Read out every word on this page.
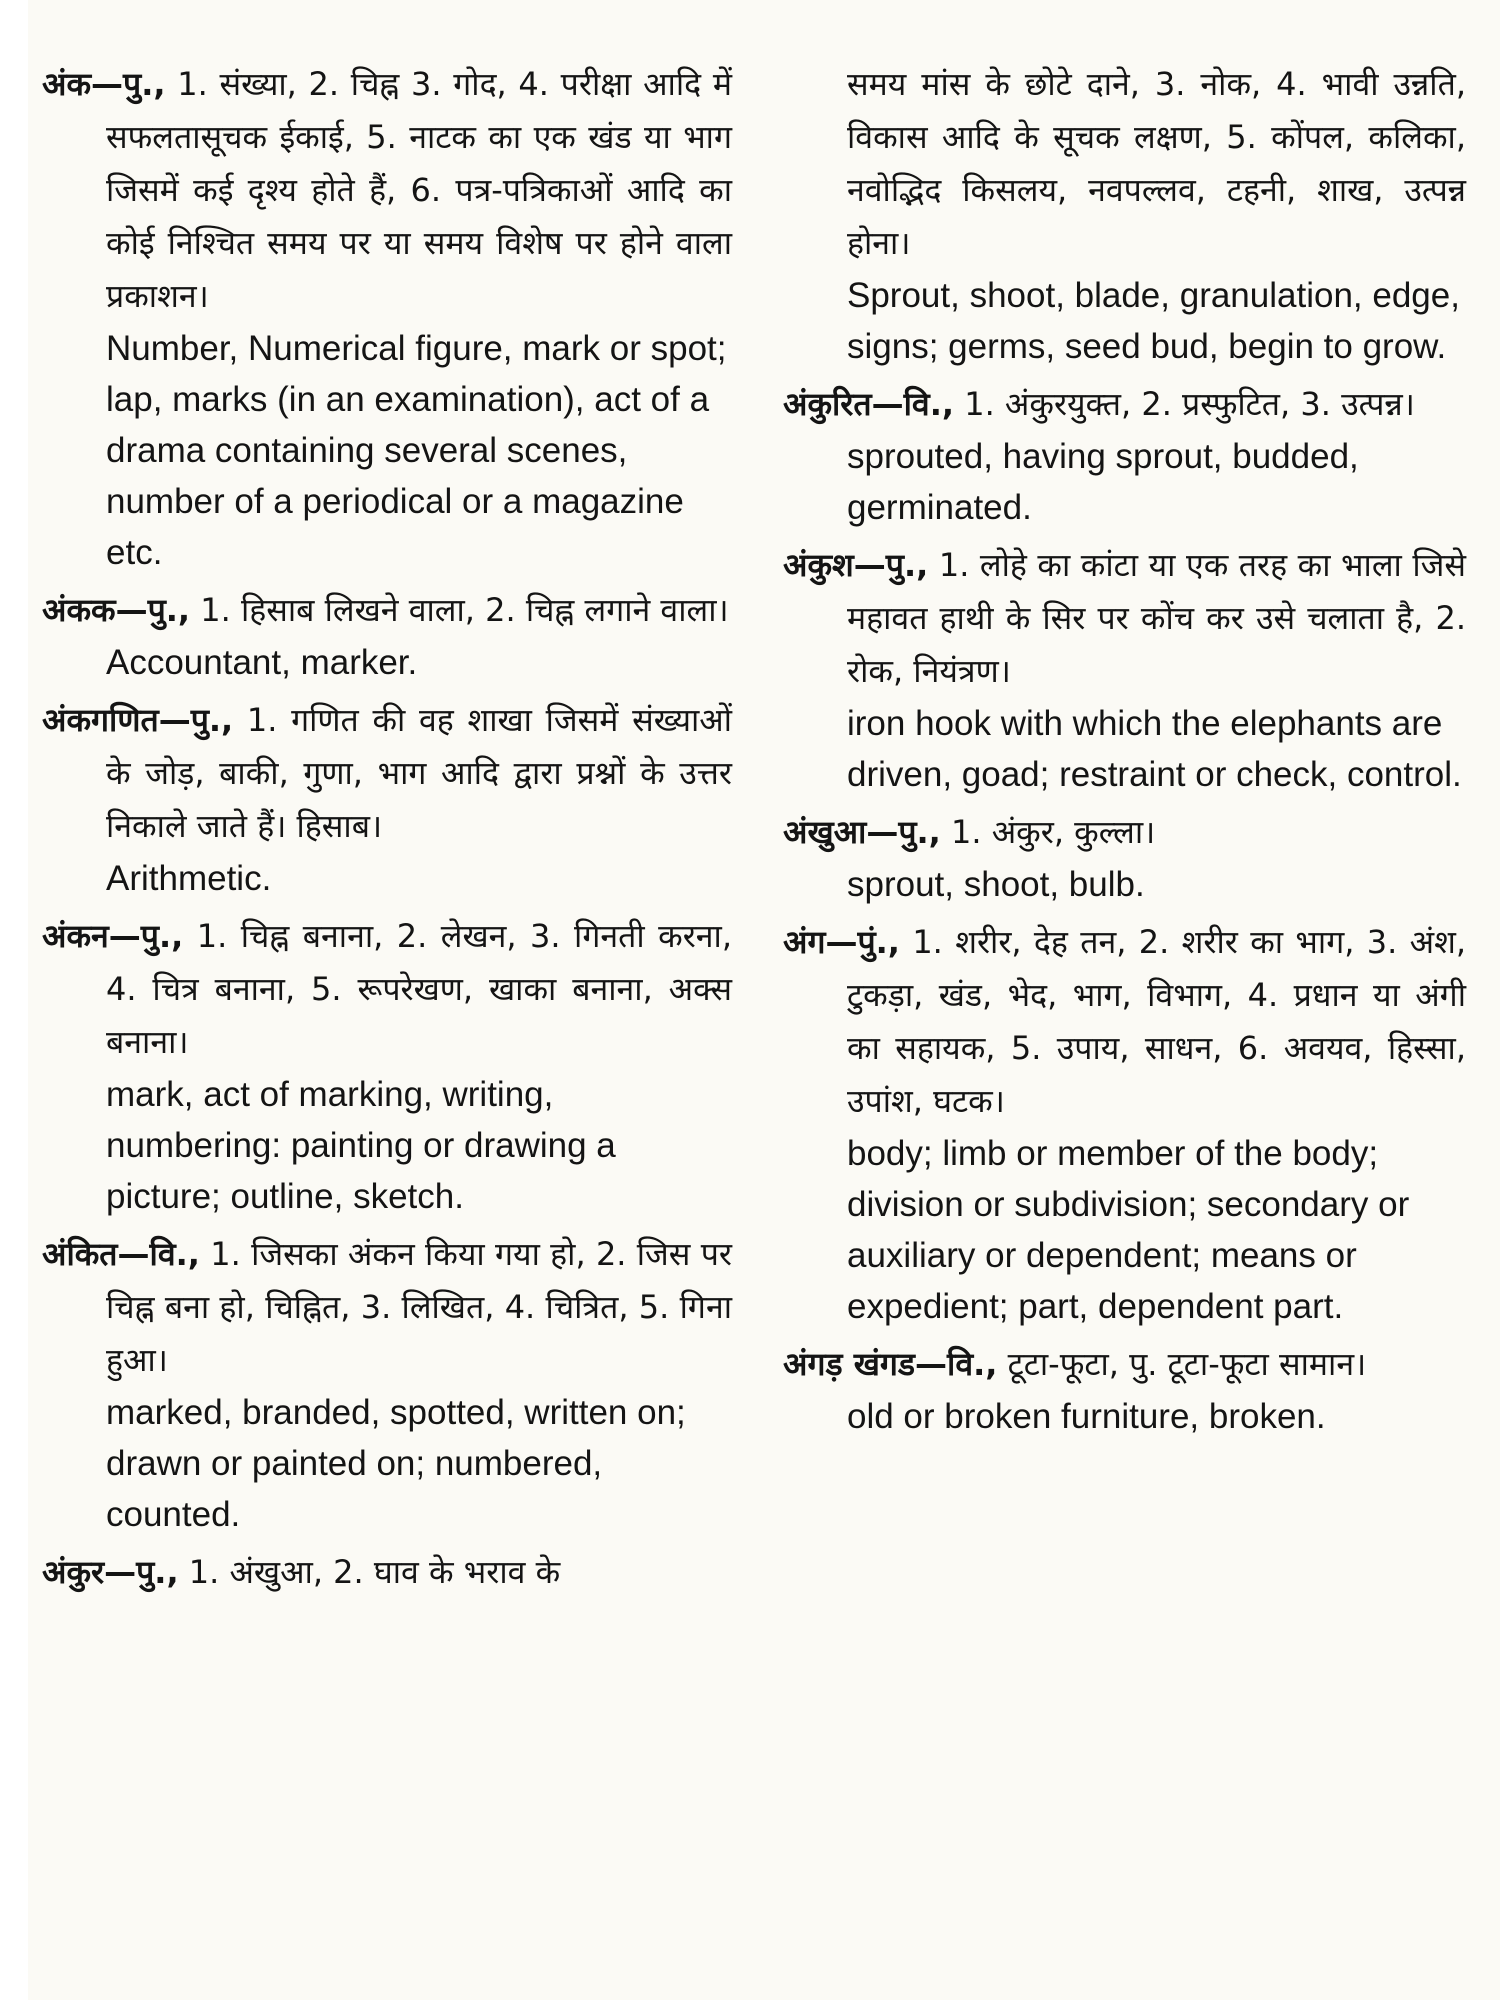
अंक—पु., 1. संख्या, 2. चिह्न 3. गोद, 4. परीक्षा आदि में सफलतासूचक ईकाई, 5. नाटक का एक खंड या भाग जिसमें कई दृश्य होते हैं, 6. पत्र-पत्रिकाओं आदि का कोई निश्चित समय पर या समय विशेष पर होने वाला प्रकाशन।

Number, Numerical figure, mark or spot; lap, marks (in an examination), act of a drama containing several scenes, number of a periodical or a magazine etc.

अंकक—पु., 1. हिसाब लिखने वाला, 2. चिह्न लगाने वाला।

Accountant, marker.

अंकगणित—पु., 1. गणित की वह शाखा जिसमें संख्याओं के जोड़, बाकी, गुणा, भाग आदि द्वारा प्रश्नों के उत्तर निकाले जाते हैं। हिसाब।

Arithmetic.

अंकन—पु., 1. चिह्न बनाना, 2. लेखन, 3. गिनती करना, 4. चित्र बनाना, 5. रूपरेखण, खाका बनाना, अक्स बनाना।

mark, act of marking, writing, numbering: painting or drawing a picture; outline, sketch.

अंकित—वि., 1. जिसका अंकन किया गया हो, 2. जिस पर चिह्न बना हो, चिह्नित, 3. लिखित, 4. चित्रित, 5. गिना हुआ।

marked, branded, spotted, written on; drawn or painted on; numbered, counted.

अंकुर—पु., 1. अंखुआ, 2. घाव के भराव के

समय मांस के छोटे दाने, 3. नोक, 4. भावी उन्नति, विकास आदि के सूचक लक्षण, 5. कोंपल, कलिका, नवोद्भिद किसलय, नवपल्लव, टहनी, शाख, उत्पन्न होना।

Sprout, shoot, blade, granulation, edge, signs; germs, seed bud, begin to grow.

अंकुरित—वि., 1. अंकुरयुक्त, 2. प्रस्फुटित, 3. उत्पन्न।

sprouted, having sprout, budded, germinated.

अंकुश—पु., 1. लोहे का कांटा या एक तरह का भाला जिसे महावत हाथी के सिर पर कोंच कर उसे चलाता है, 2. रोक, नियंत्रण।

iron hook with which the elephants are driven, goad; restraint or check, control.

अंखुआ—पु., 1. अंकुर, कुल्ला।

sprout, shoot, bulb.

अंग—पुं., 1. शरीर, देह तन, 2. शरीर का भाग, 3. अंश, टुकड़ा, खंड, भेद, भाग, विभाग, 4. प्रधान या अंगी का सहायक, 5. उपाय, साधन, 6. अवयव, हिस्सा, उपांश, घटक।

body; limb or member of the body; division or subdivision; secondary or auxiliary or dependent; means or expedient; part, dependent part.

अंगड़ खंगड—वि., टूटा-फूटा, पु. टूटा-फूटा सामान।

old or broken furniture, broken.
